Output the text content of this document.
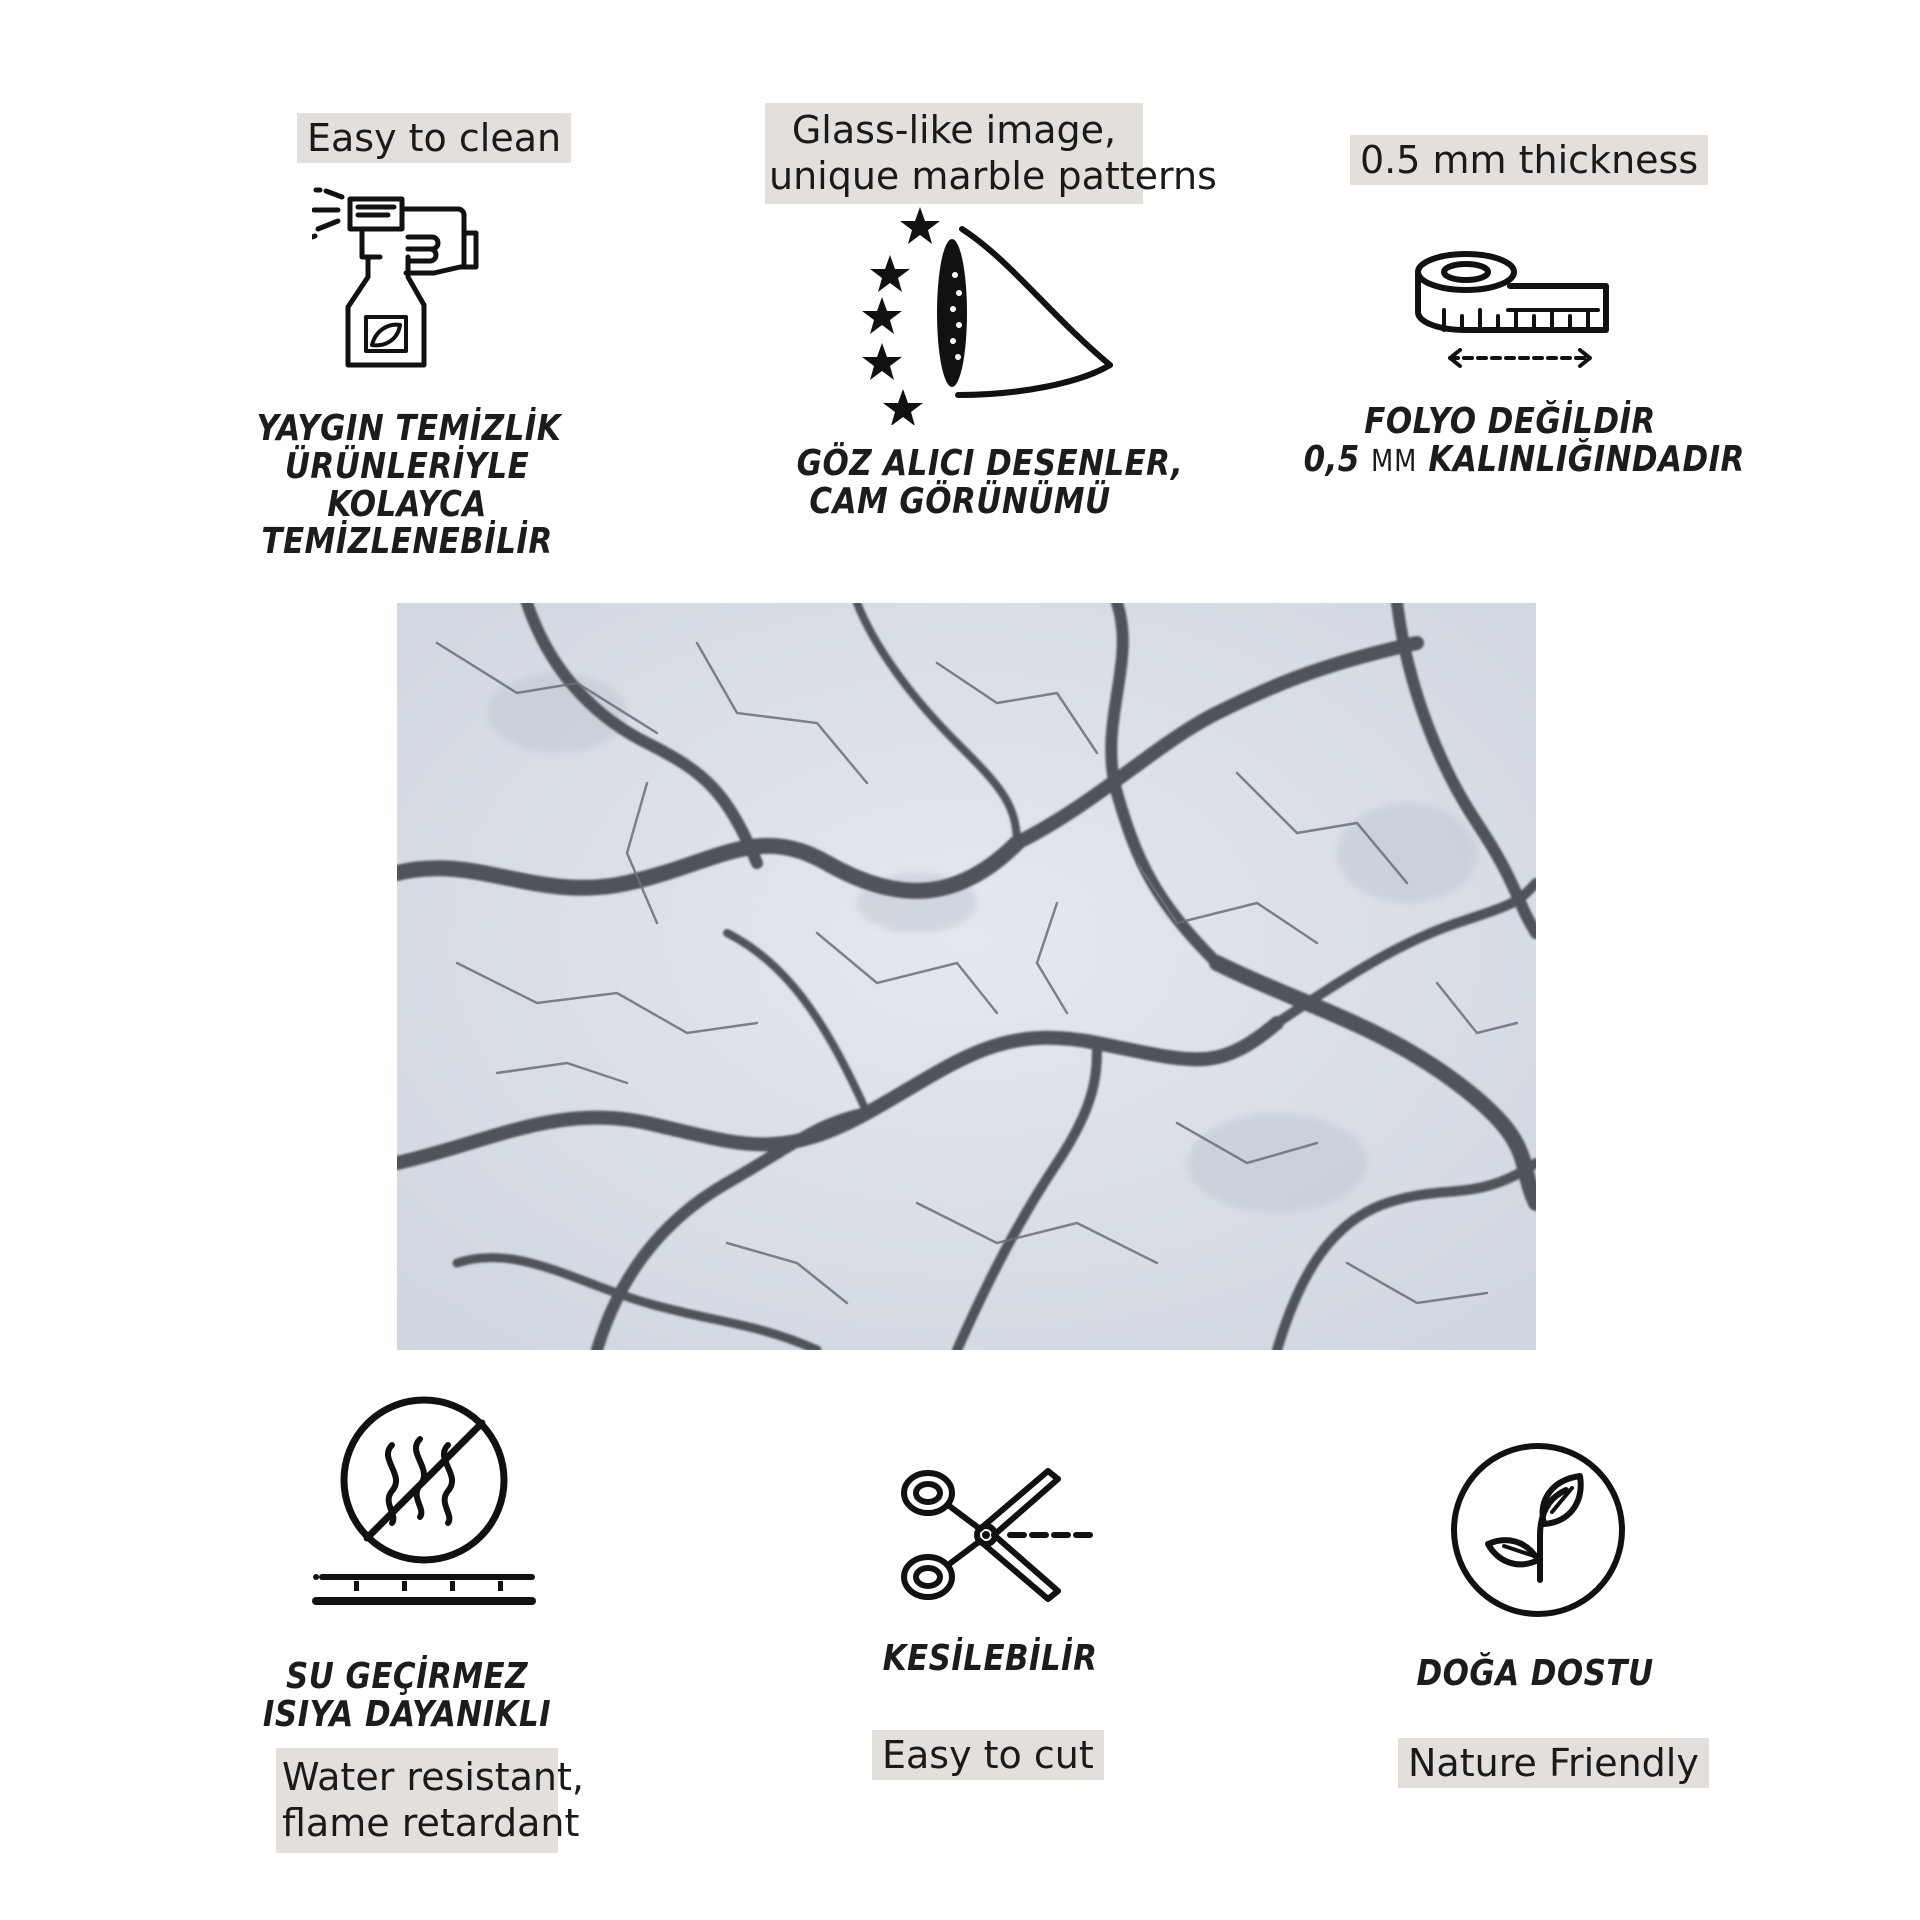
Easy to clean
YAYGIN TEMİZLİK
ÜRÜNLERİYLE
KOLAYCA
TEMİZLENEBİLİR
Glass-like image,
unique marble patterns
GÖZ ALICI DESENLER,
CAM GÖRÜNÜMÜ
0.5 mm thickness
FOLYO DEĞİLDİR
0,5 MM KALINLIĞINDADIR
SU GEÇİRMEZ
ISIYA DAYANIKLI
Water resistant,
flame retardant
KESİLEBİLİR
Easy to cut
DOĞA DOSTU
Nature Friendly
